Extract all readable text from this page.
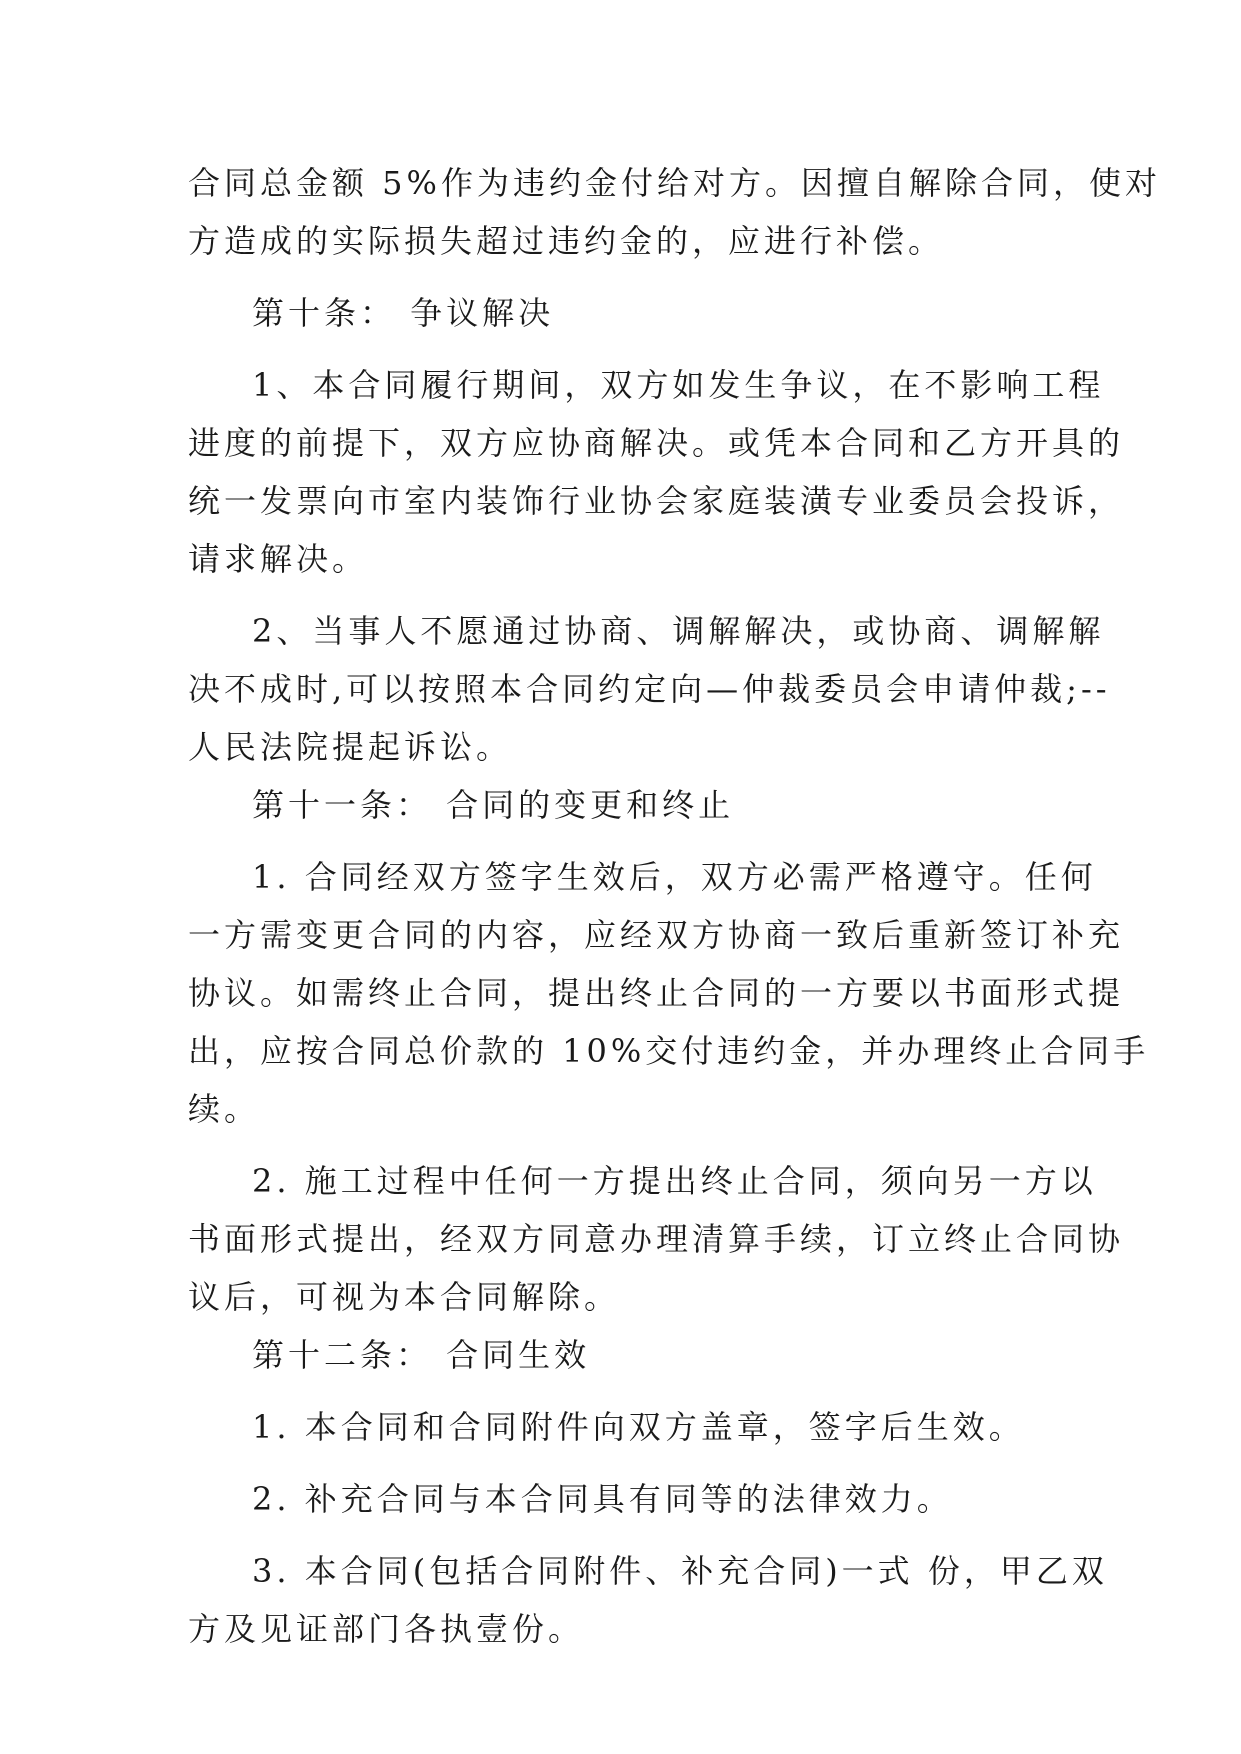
合同总金额 5%作为违约金付给对方。因擅自解除合同，使对
方造成的实际损失超过违约金的，应进行补偿。
第十条： 争议解决
1、本合同履行期间，双方如发生争议，在不影响工程
进度的前提下，双方应协商解决。或凭本合同和乙方开具的
统一发票向市室内装饰行业协会家庭装潢专业委员会投诉，
请求解决。
2、当事人不愿通过协商、调解解决，或协商、调解解
决不成时,可以按照本合同约定向—仲裁委员会申请仲裁;--
人民法院提起诉讼。
第十一条： 合同的变更和终止
1. 合同经双方签字生效后，双方必需严格遵守。任何
一方需变更合同的内容，应经双方协商一致后重新签订补充
协议。如需终止合同，提出终止合同的一方要以书面形式提
出，应按合同总价款的 10%交付违约金，并办理终止合同手
续。
2. 施工过程中任何一方提出终止合同，须向另一方以
书面形式提出，经双方同意办理清算手续，订立终止合同协
议后，可视为本合同解除。
第十二条： 合同生效
1. 本合同和合同附件向双方盖章，签字后生效。
2. 补充合同与本合同具有同等的法律效力。
3. 本合同(包括合同附件、补充合同)一式 份，甲乙双
方及见证部门各执壹份。
